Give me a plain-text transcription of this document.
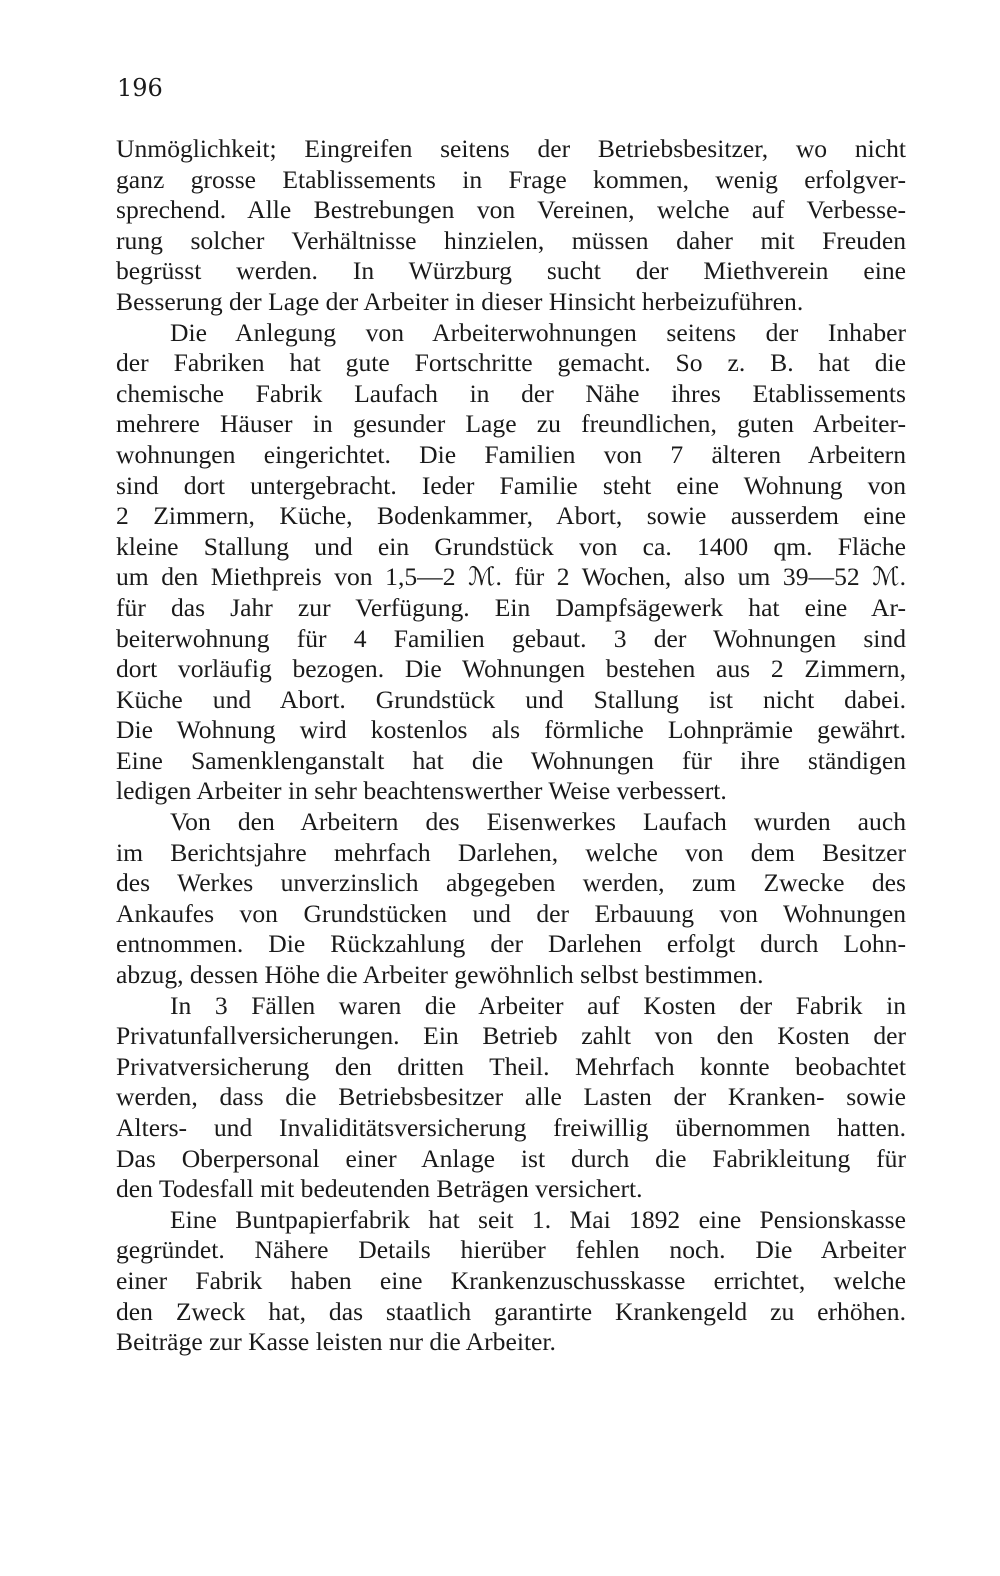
196
Unmöglichkeit; Eingreifen seitens der Betriebsbesitzer, wo nicht
ganz grosse Etablissements in Frage kommen, wenig erfolgver-
sprechend. Alle Bestrebungen von Vereinen, welche auf Verbesse-
rung solcher Verhältnisse hinzielen, müssen daher mit Freuden
begrüsst werden. In Würzburg sucht der Miethverein eine
Besserung der Lage der Arbeiter in dieser Hinsicht herbeizuführen.
Die Anlegung von Arbeiterwohnungen seitens der Inhaber
der Fabriken hat gute Fortschritte gemacht. So z. B. hat die
chemische Fabrik Laufach in der Nähe ihres Etablissements
mehrere Häuser in gesunder Lage zu freundlichen, guten Arbeiter-
wohnungen eingerichtet. Die Familien von 7 älteren Arbeitern
sind dort untergebracht. Ieder Familie steht eine Wohnung von
2 Zimmern, Küche, Bodenkammer, Abort, sowie ausserdem eine
kleine Stallung und ein Grundstück von ca. 1400 qm. Fläche
um den Miethpreis von 1,5—2 ℳ. für 2 Wochen, also um 39—52 ℳ.
für das Jahr zur Verfügung. Ein Dampfsägewerk hat eine Ar-
beiterwohnung für 4 Familien gebaut. 3 der Wohnungen sind
dort vorläufig bezogen. Die Wohnungen bestehen aus 2 Zimmern,
Küche und Abort. Grundstück und Stallung ist nicht dabei.
Die Wohnung wird kostenlos als förmliche Lohnprämie gewährt.
Eine Samenklenganstalt hat die Wohnungen für ihre ständigen
ledigen Arbeiter in sehr beachtenswerther Weise verbessert.
Von den Arbeitern des Eisenwerkes Laufach wurden auch
im Berichtsjahre mehrfach Darlehen, welche von dem Besitzer
des Werkes unverzinslich abgegeben werden, zum Zwecke des
Ankaufes von Grundstücken und der Erbauung von Wohnungen
entnommen. Die Rückzahlung der Darlehen erfolgt durch Lohn-
abzug, dessen Höhe die Arbeiter gewöhnlich selbst bestimmen.
In 3 Fällen waren die Arbeiter auf Kosten der Fabrik in
Privatunfallversicherungen. Ein Betrieb zahlt von den Kosten der
Privatversicherung den dritten Theil. Mehrfach konnte beobachtet
werden, dass die Betriebsbesitzer alle Lasten der Kranken- sowie
Alters- und Invaliditätsversicherung freiwillig übernommen hatten.
Das Oberpersonal einer Anlage ist durch die Fabrikleitung für
den Todesfall mit bedeutenden Beträgen versichert.
Eine Buntpapierfabrik hat seit 1. Mai 1892 eine Pensionskasse
gegründet. Nähere Details hierüber fehlen noch. Die Arbeiter
einer Fabrik haben eine Krankenzuschusskasse errichtet, welche
den Zweck hat, das staatlich garantirte Krankengeld zu erhöhen.
Beiträge zur Kasse leisten nur die Arbeiter.
